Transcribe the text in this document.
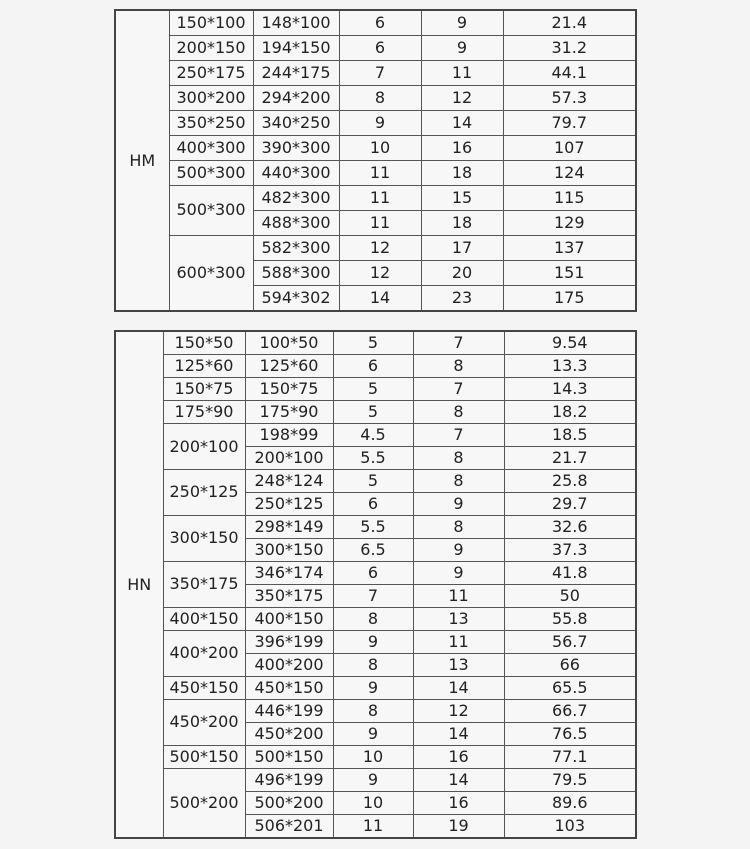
HM	150*100	148*100	6	9	21.4
	200*150	194*150	6	9	31.2
	250*175	244*175	7	11	44.1
	300*200	294*200	8	12	57.3
	350*250	340*250	9	14	79.7
	400*300	390*300	10	16	107
	500*300	440*300	11	18	124
	500*300	482*300	11	15	115
		488*300	11	18	129
	600*300	582*300	12	17	137
		588*300	12	20	151
		594*302	14	23	175
HN	150*50	100*50	5	7	9.54
	125*60	125*60	6	8	13.3
	150*75	150*75	5	7	14.3
	175*90	175*90	5	8	18.2
	200*100	198*99	4.5	7	18.5
		200*100	5.5	8	21.7
	250*125	248*124	5	8	25.8
		250*125	6	9	29.7
	300*150	298*149	5.5	8	32.6
		300*150	6.5	9	37.3
	350*175	346*174	6	9	41.8
		350*175	7	11	50
	400*150	400*150	8	13	55.8
	400*200	396*199	9	11	56.7
		400*200	8	13	66
	450*150	450*150	9	14	65.5
	450*200	446*199	8	12	66.7
		450*200	9	14	76.5
	500*150	500*150	10	16	77.1
	500*200	496*199	9	14	79.5
		500*200	10	16	89.6
		506*201	11	19	103
